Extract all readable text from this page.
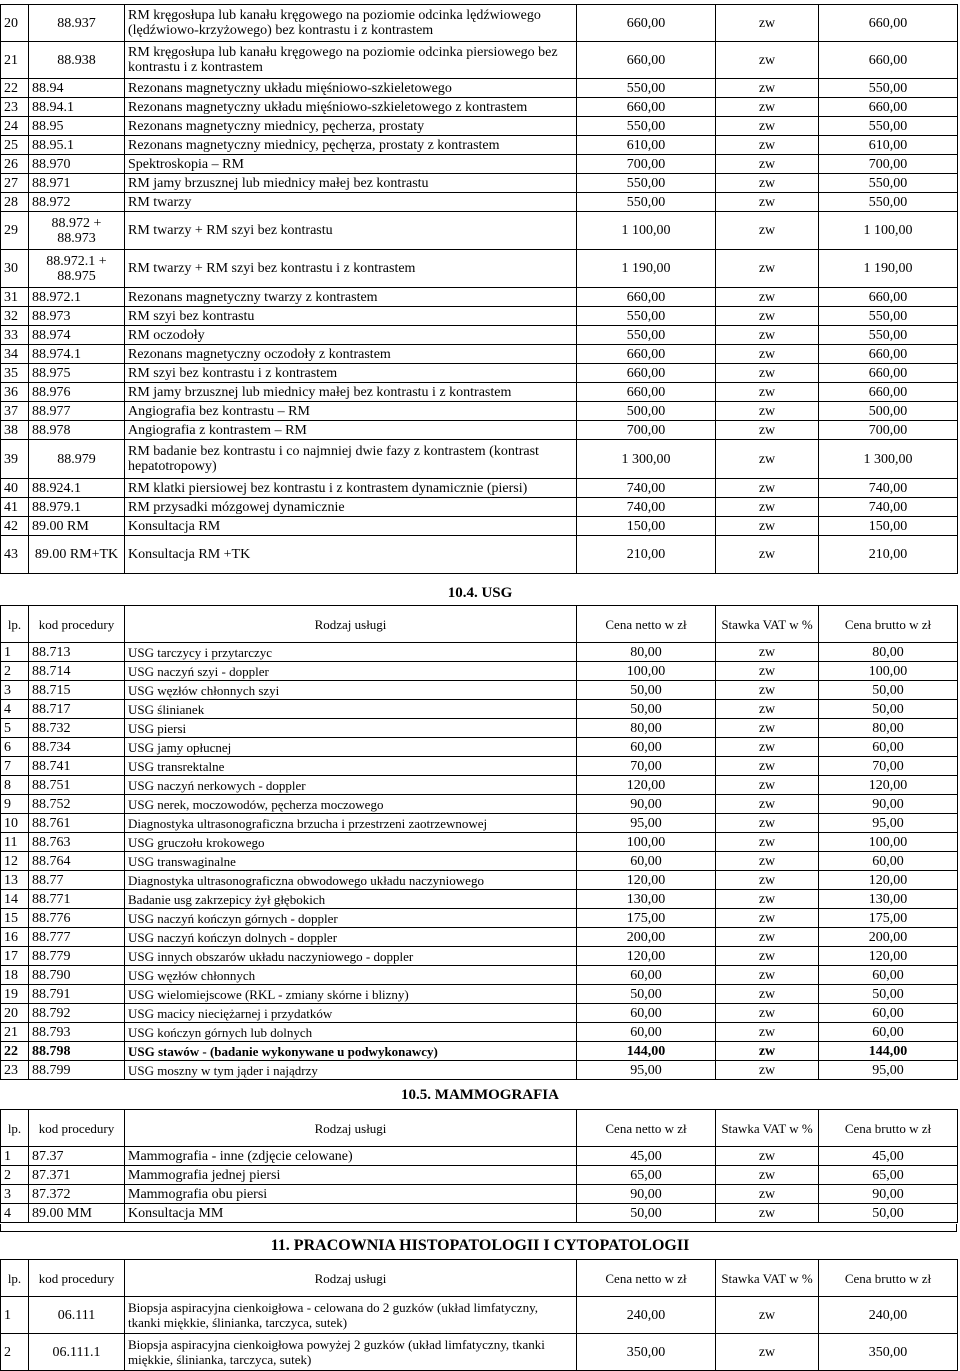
20	88.937	RM kręgosłupa lub kanału kręgowego na poziomie odcinka lędźwiowego (lędźwiowo-krzyżowego) bez kontrastu i z kontrastem	660,00	zw	660,00
21	88.938	RM kręgosłupa lub kanału kręgowego na poziomie odcinka piersiowego bez kontrastu i z kontrastem	660,00	zw	660,00
22	88.94	Rezonans magnetyczny układu mięśniowo-szkieletowego	550,00	zw	550,00
23	88.94.1	Rezonans magnetyczny układu mięśniowo-szkieletowego z kontrastem	660,00	zw	660,00
24	88.95	Rezonans magnetyczny miednicy, pęcherza, prostaty	550,00	zw	550,00
25	88.95.1	Rezonans magnetyczny miednicy, pęchęrza, prostaty z kontrastem	610,00	zw	610,00
26	88.970	Spektroskopia – RM	700,00	zw	700,00
27	88.971	RM jamy brzusznej lub miednicy małej bez kontrastu	550,00	zw	550,00
28	88.972	RM twarzy	550,00	zw	550,00
29	88.972 + 88.973	RM twarzy + RM szyi bez kontrastu	1 100,00	zw	1 100,00
30	88.972.1 + 88.975	RM twarzy + RM szyi bez kontrastu i z kontrastem	1 190,00	zw	1 190,00
31	88.972.1	Rezonans magnetyczny twarzy z kontrastem	660,00	zw	660,00
32	88.973	RM szyi bez kontrastu	550,00	zw	550,00
33	88.974	RM oczodoły	550,00	zw	550,00
34	88.974.1	Rezonans magnetyczny oczodoły z kontrastem	660,00	zw	660,00
35	88.975	RM szyi bez kontrastu i z kontrastem	660,00	zw	660,00
36	88.976	RM jamy brzusznej lub miednicy małej bez kontrastu i z kontrastem	660,00	zw	660,00
37	88.977	Angiografia bez kontrastu – RM	500,00	zw	500,00
38	88.978	Angiografia z kontrastem – RM	700,00	zw	700,00
39	88.979	RM badanie bez kontrastu i co najmniej dwie fazy z kontrastem (kontrast hepatotropowy)	1 300,00	zw	1 300,00
40	88.924.1	RM klatki piersiowej bez kontrastu i z kontrastem dynamicznie (piersi)	740,00	zw	740,00
41	88.979.1	RM przysadki mózgowej dynamicznie	740,00	zw	740,00
42	89.00 RM	Konsultacja RM	150,00	zw	150,00
43	89.00 RM+TK	Konsultacja RM +TK	210,00	zw	210,00
10.4. USG
lp.	kod procedury	Rodzaj usługi	Cena netto w zł	Stawka VAT w %	Cena brutto w zł
1	88.713	USG tarczycy i przytarczyc	80,00	zw	80,00
2	88.714	USG naczyń szyi - doppler	100,00	zw	100,00
3	88.715	USG węzłów chłonnych szyi	50,00	zw	50,00
4	88.717	USG ślinianek	50,00	zw	50,00
5	88.732	USG piersi	80,00	zw	80,00
6	88.734	USG jamy opłucnej	60,00	zw	60,00
7	88.741	USG transrektalne	70,00	zw	70,00
8	88.751	USG naczyń nerkowych - doppler	120,00	zw	120,00
9	88.752	USG nerek, moczowodów, pęcherza moczowego	90,00	zw	90,00
10	88.761	Diagnostyka ultrasonograficzna brzucha i przestrzeni zaotrzewnowej	95,00	zw	95,00
11	88.763	USG gruczołu krokowego	100,00	zw	100,00
12	88.764	USG transwaginalne	60,00	zw	60,00
13	88.77	Diagnostyka ultrasonograficzna obwodowego układu naczyniowego	120,00	zw	120,00
14	88.771	Badanie usg zakrzepicy żył głębokich	130,00	zw	130,00
15	88.776	USG naczyń kończyn górnych - doppler	175,00	zw	175,00
16	88.777	USG naczyń kończyn dolnych - doppler	200,00	zw	200,00
17	88.779	USG innych obszarów układu naczyniowego - doppler	120,00	zw	120,00
18	88.790	USG węzłów chłonnych	60,00	zw	60,00
19	88.791	USG wielomiejscowe (RKL - zmiany skórne i blizny)	50,00	zw	50,00
20	88.792	USG macicy nieciężarnej i przydatków	60,00	zw	60,00
21	88.793	USG kończyn górnych lub dolnych	60,00	zw	60,00
22	88.798	USG stawów - (badanie wykonywane u podwykonawcy)	144,00	zw	144,00
23	88.799	USG moszny w tym jąder i najądrzy	95,00	zw	95,00
10.5. MAMMOGRAFIA
lp.	kod procedury	Rodzaj usługi	Cena netto w zł	Stawka VAT w %	Cena brutto w zł
1	87.37	Mammografia - inne (zdjęcie celowane)	45,00	zw	45,00
2	87.371	Mammografia jednej piersi	65,00	zw	65,00
3	87.372	Mammografia obu piersi	90,00	zw	90,00
4	89.00 MM	Konsultacja MM	50,00	zw	50,00
11. PRACOWNIA HISTOPATOLOGII I CYTOPATOLOGII
lp.	kod procedury	Rodzaj usługi	Cena netto w zł	Stawka VAT w %	Cena brutto w zł
1	06.111	Biopsja aspiracyjna cienkoigłowa - celowana do 2 guzków (układ limfatyczny, tkanki miękkie, ślinianka, tarczyca, sutek)	240,00	zw	240,00
2	06.111.1	Biopsja aspiracyjna cienkoigłowa powyżej 2 guzków (układ limfatyczny, tkanki miękkie, ślinianka, tarczyca, sutek)	350,00	zw	350,00
